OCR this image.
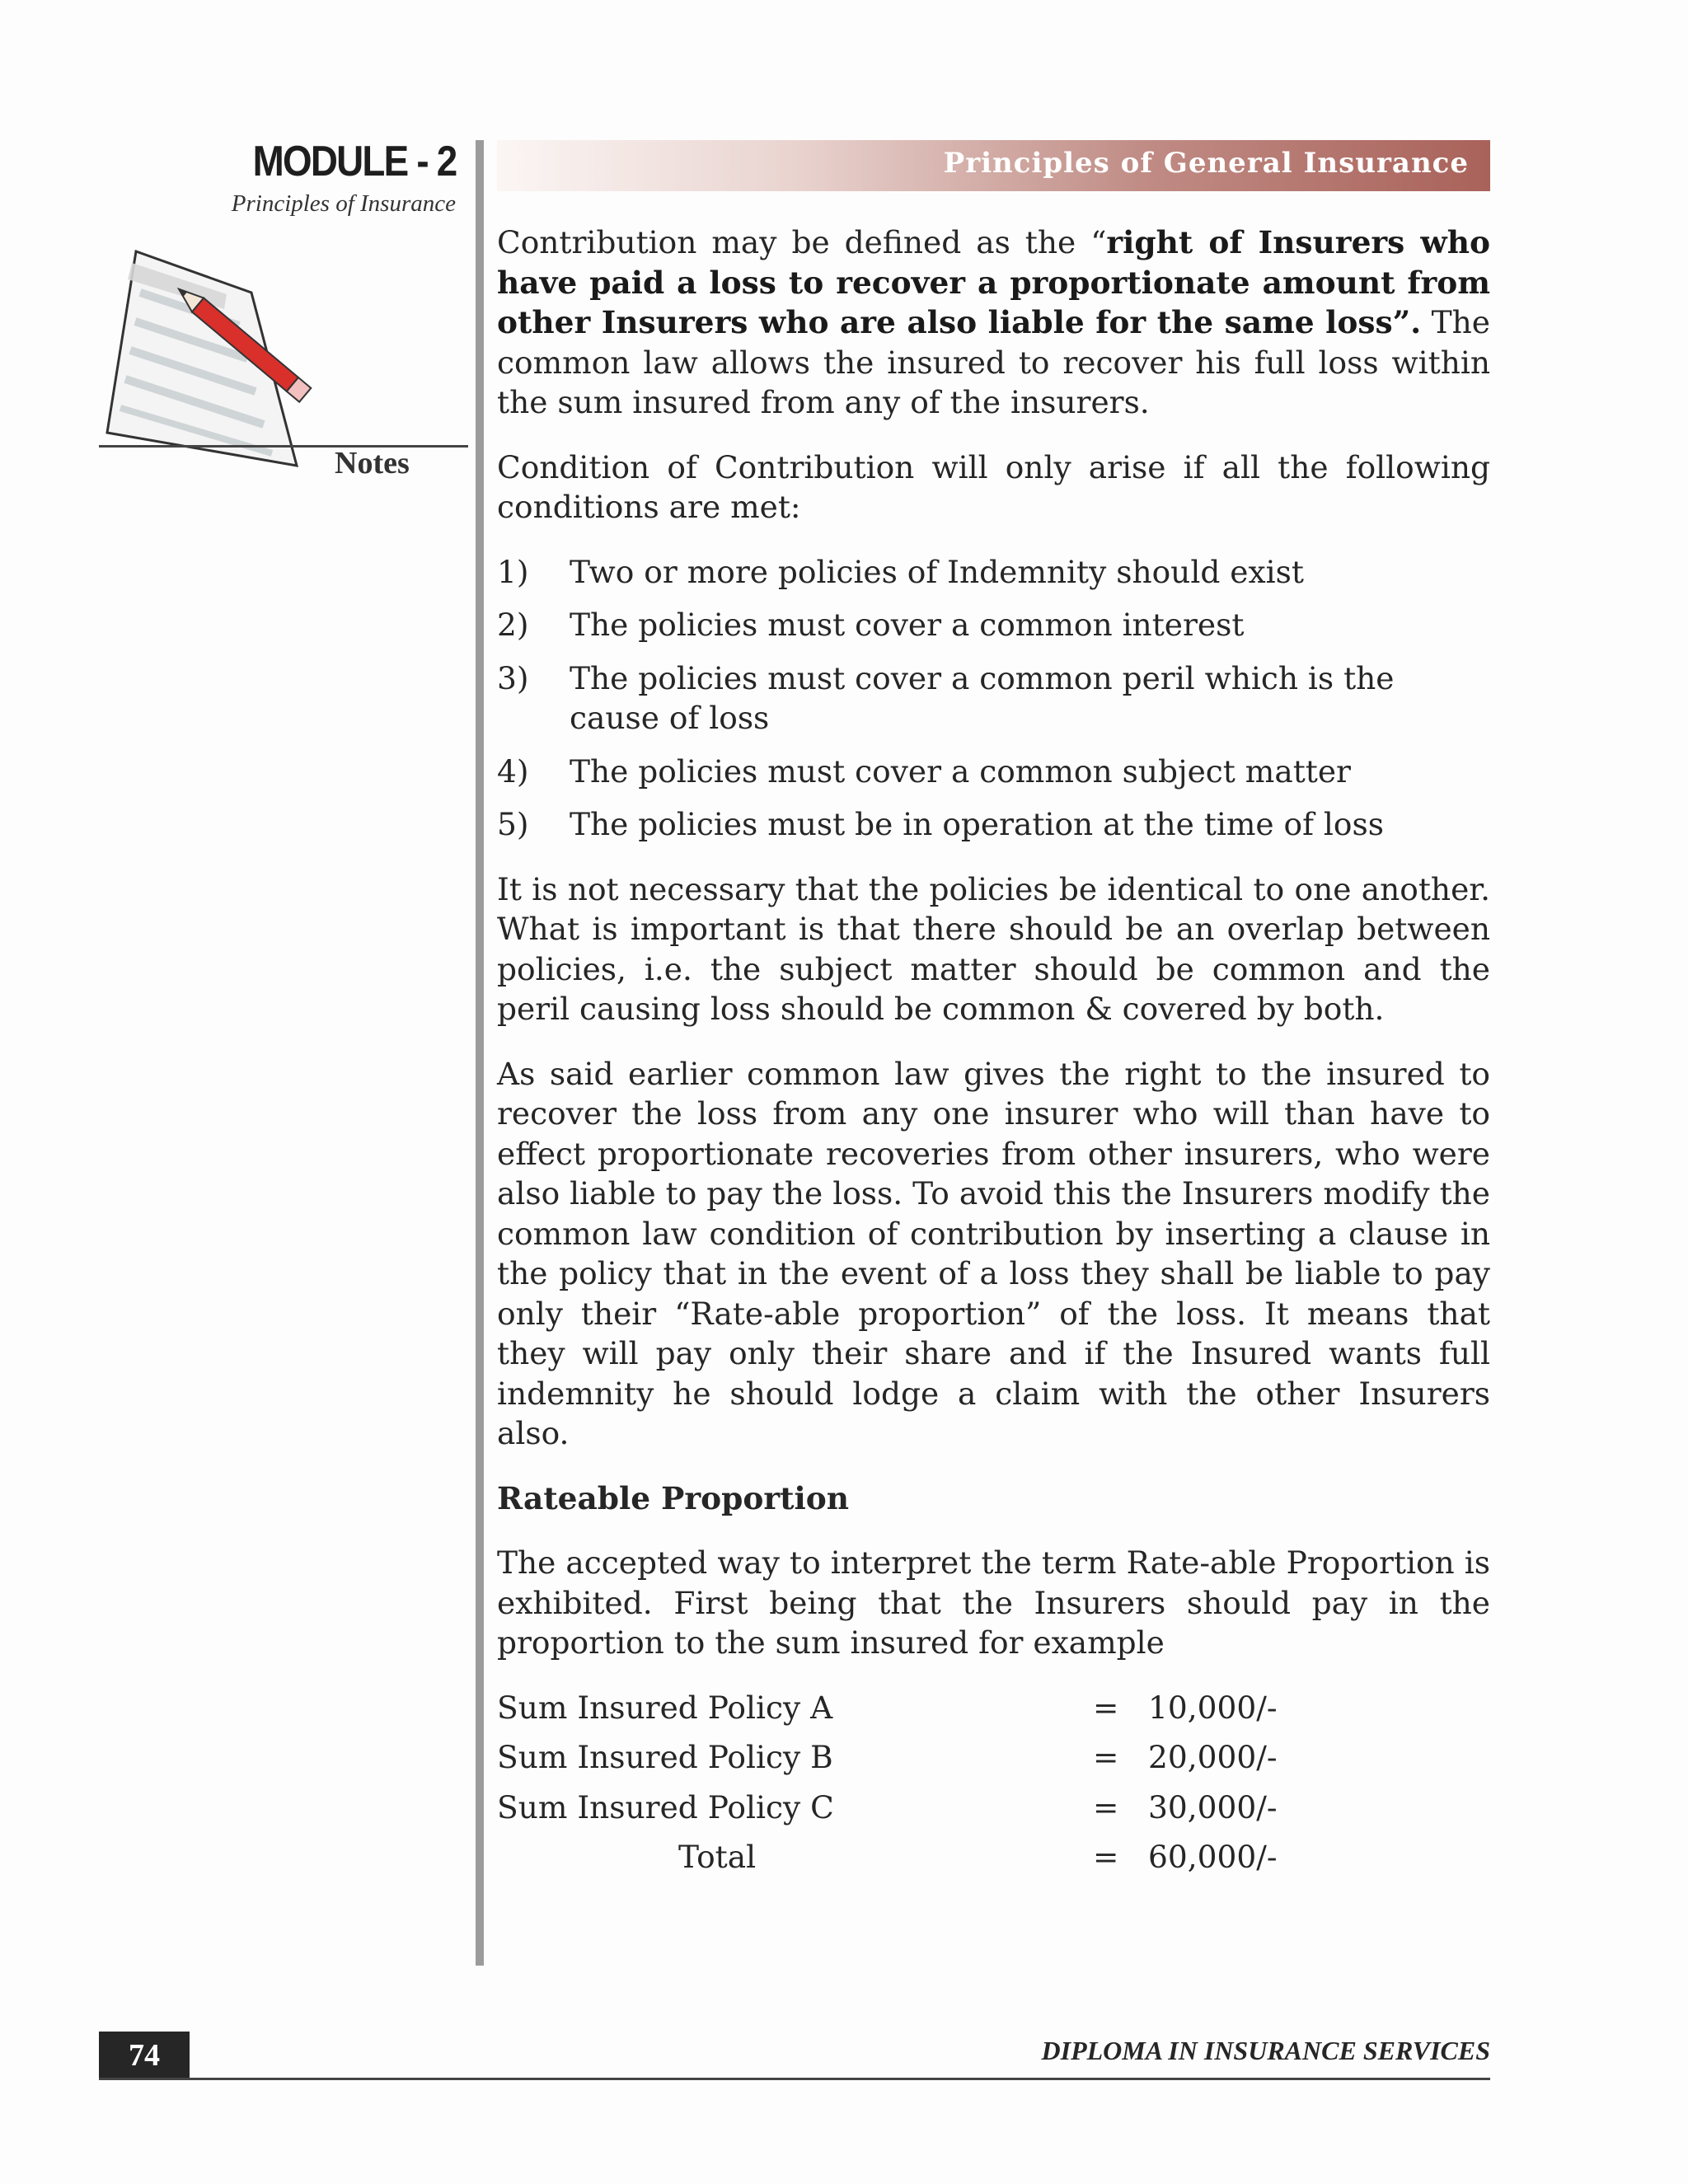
MODULE - 2
Principles of Insurance
Notes
Principles of General Insurance

Contribution may be defined as the “right of Insurers who have paid a loss to recover a proportionate amount from other Insurers who are also liable for the same loss”. The common law allows the insured to recover his full loss within the sum insured from any of the insurers.

Condition of Contribution will only arise if all the following conditions are met:

1) Two or more policies of Indemnity should exist
2) The policies must cover a common interest
3) The policies must cover a common peril which is the cause of loss
4) The policies must cover a common subject matter
5) The policies must be in operation at the time of loss

It is not necessary that the policies be identical to one another. What is important is that there should be an overlap between policies, i.e. the subject matter should be common and the peril causing loss should be common & covered by both.

As said earlier common law gives the right to the insured to recover the loss from any one insurer who will than have to effect proportionate recoveries from other insurers, who were also liable to pay the loss. To avoid this the Insurers modify the common law condition of contribution by inserting a clause in the policy that in the event of a loss they shall be liable to pay only their “Rate-able proportion” of the loss. It means that they will pay only their share and if the Insured wants full indemnity he should lodge a claim with the other Insurers also.

Rateable Proportion

The accepted way to interpret the term Rate-able Proportion is exhibited. First being that the Insurers should pay in the proportion to the sum insured for example

Sum Insured Policy A	=	10,000/-
Sum Insured Policy B	=	20,000/-
Sum Insured Policy C	=	30,000/-
Total	=	60,000/-
74	DIPLOMA IN INSURANCE SERVICES
